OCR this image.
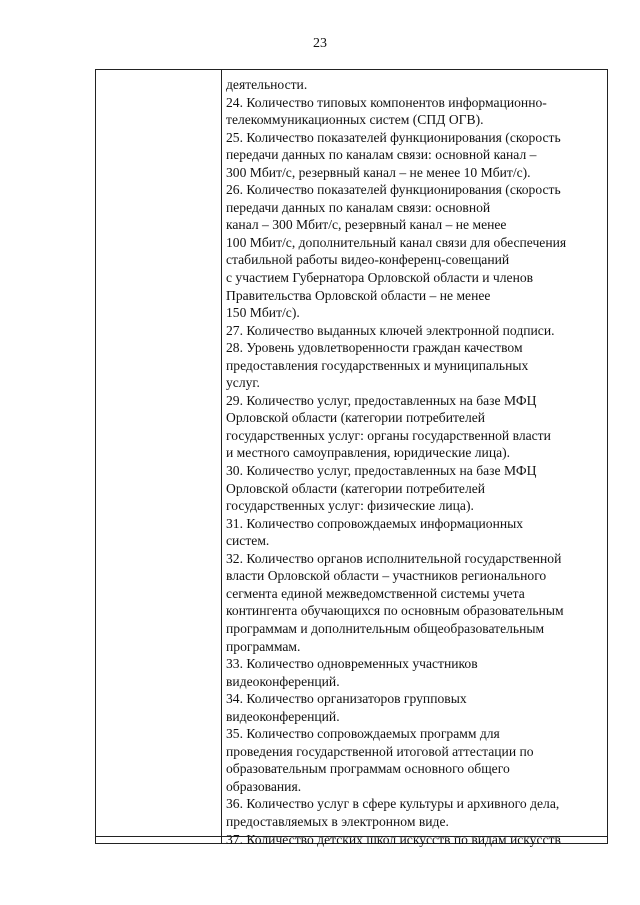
23
деятельности.
24. Количество типовых компонентов информационно-
телекоммуникационных систем (СПД ОГВ).
25. Количество показателей функционирования (скорость
передачи данных по каналам связи: основной канал –
300 Мбит/с, резервный канал – не менее 10 Мбит/с).
26. Количество показателей функционирования (скорость
передачи данных по каналам связи: основной
канал – 300 Мбит/с, резервный канал – не менее
100 Мбит/с, дополнительный канал связи для обеспечения
стабильной работы видео-конференц-совещаний
с участием Губернатора Орловской области и членов
Правительства Орловской области – не менее
150 Мбит/с).
27. Количество выданных ключей электронной подписи.
28. Уровень удовлетворенности граждан качеством
предоставления государственных и муниципальных
услуг.
29. Количество услуг, предоставленных на базе МФЦ
Орловской области (категории потребителей
государственных услуг: органы государственной власти
и местного самоуправления, юридические лица).
30. Количество услуг, предоставленных на базе МФЦ
Орловской области (категории потребителей
государственных услуг: физические лица).
31. Количество сопровождаемых информационных
систем.
32. Количество органов исполнительной государственной
власти Орловской области – участников регионального
сегмента единой межведомственной системы учета
контингента обучающихся по основным образовательным
программам и дополнительным общеобразовательным
программам.
33. Количество одновременных участников
видеоконференций.
34. Количество организаторов групповых
видеоконференций.
35. Количество сопровождаемых программ для
проведения государственной итоговой аттестации по
образовательным программам основного общего
образования.
36. Количество услуг в сфере культуры и архивного дела,
предоставляемых в электронном виде.
37. Количество детских школ искусств по видам искусств
